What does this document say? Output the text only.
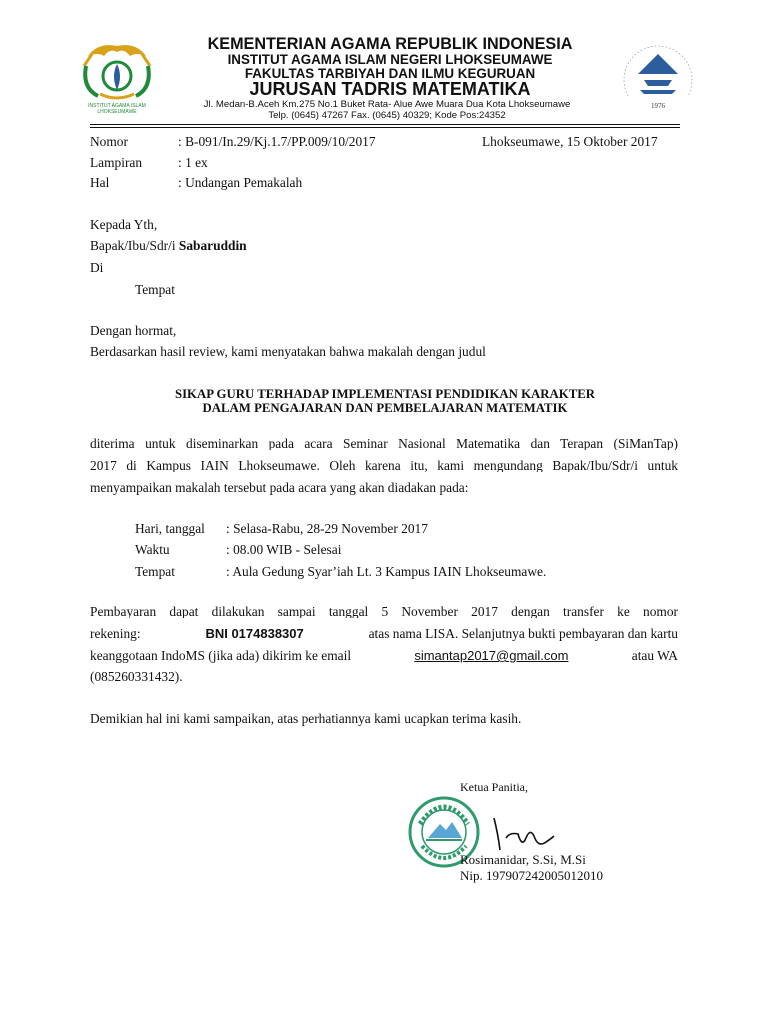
INSTITUT AGAMA ISLAM
LHOKSEUMAWE
KEMENTERIAN AGAMA REPUBLIK INDONESIA
INSTITUT AGAMA ISLAM NEGERI LHOKSEUMAWE
FAKULTAS TARBIYAH DAN ILMU KEGURUAN
JURUSAN TADRIS MATEMATIKA
Jl. Medan-B.Aceh Km.275 No.1 Buket Rata- Alue Awe Muara Dua Kota Lhokseumawe
Telp. (0645) 47267 Fax. (0645) 40329; Kode Pos:24352
1976
Nomor	: B-091/In.29/Kj.1.7/PP.009/10/2017	Lhokseumawe, 15 Oktober 2017
Lampiran	: 1 ex
Hal	: Undangan Pemakalah
Kepada Yth,
Bapak/Ibu/Sdr/i Sabaruddin
Di
Tempat
Dengan hormat,
Berdasarkan hasil review, kami menyatakan bahwa makalah dengan judul
SIKAP GURU TERHADAP IMPLEMENTASI PENDIDIKAN KARAKTER
DALAM PENGAJARAN DAN PEMBELAJARAN MATEMATIK
diterima untuk diseminarkan pada acara Seminar Nasional Matematika dan Terapan (SiManTap)
2017 di Kampus IAIN Lhokseumawe. Oleh karena itu, kami mengundang Bapak/Ibu/Sdr/i untuk
menyampaikan makalah tersebut pada acara yang akan diadakan pada:
Hari, tanggal : Selasa-Rabu, 28-29 November 2017
Waktu	: 08.00 WIB - Selesai
Tempat	: Aula Gedung Syar’iah Lt. 3 Kampus IAIN Lhokseumawe.
Pembayaran dapat dilakukan sampai tanggal 5 November 2017 dengan transfer ke nomor
rekening:	BNI 0174838307	atas nama LISA. Selanjutnya bukti pembayaran dan kartu
keanggotaan IndoMS (jika ada) dikirim ke email	simantap2017@gmail.com	atau WA
(085260331432).
Demikian hal ini kami sampaikan, atas perhatiannya kami ucapkan terima kasih.
Ketua Panitia,
Rosimanidar, S.Si, M.Si
Nip. 197907242005012010
